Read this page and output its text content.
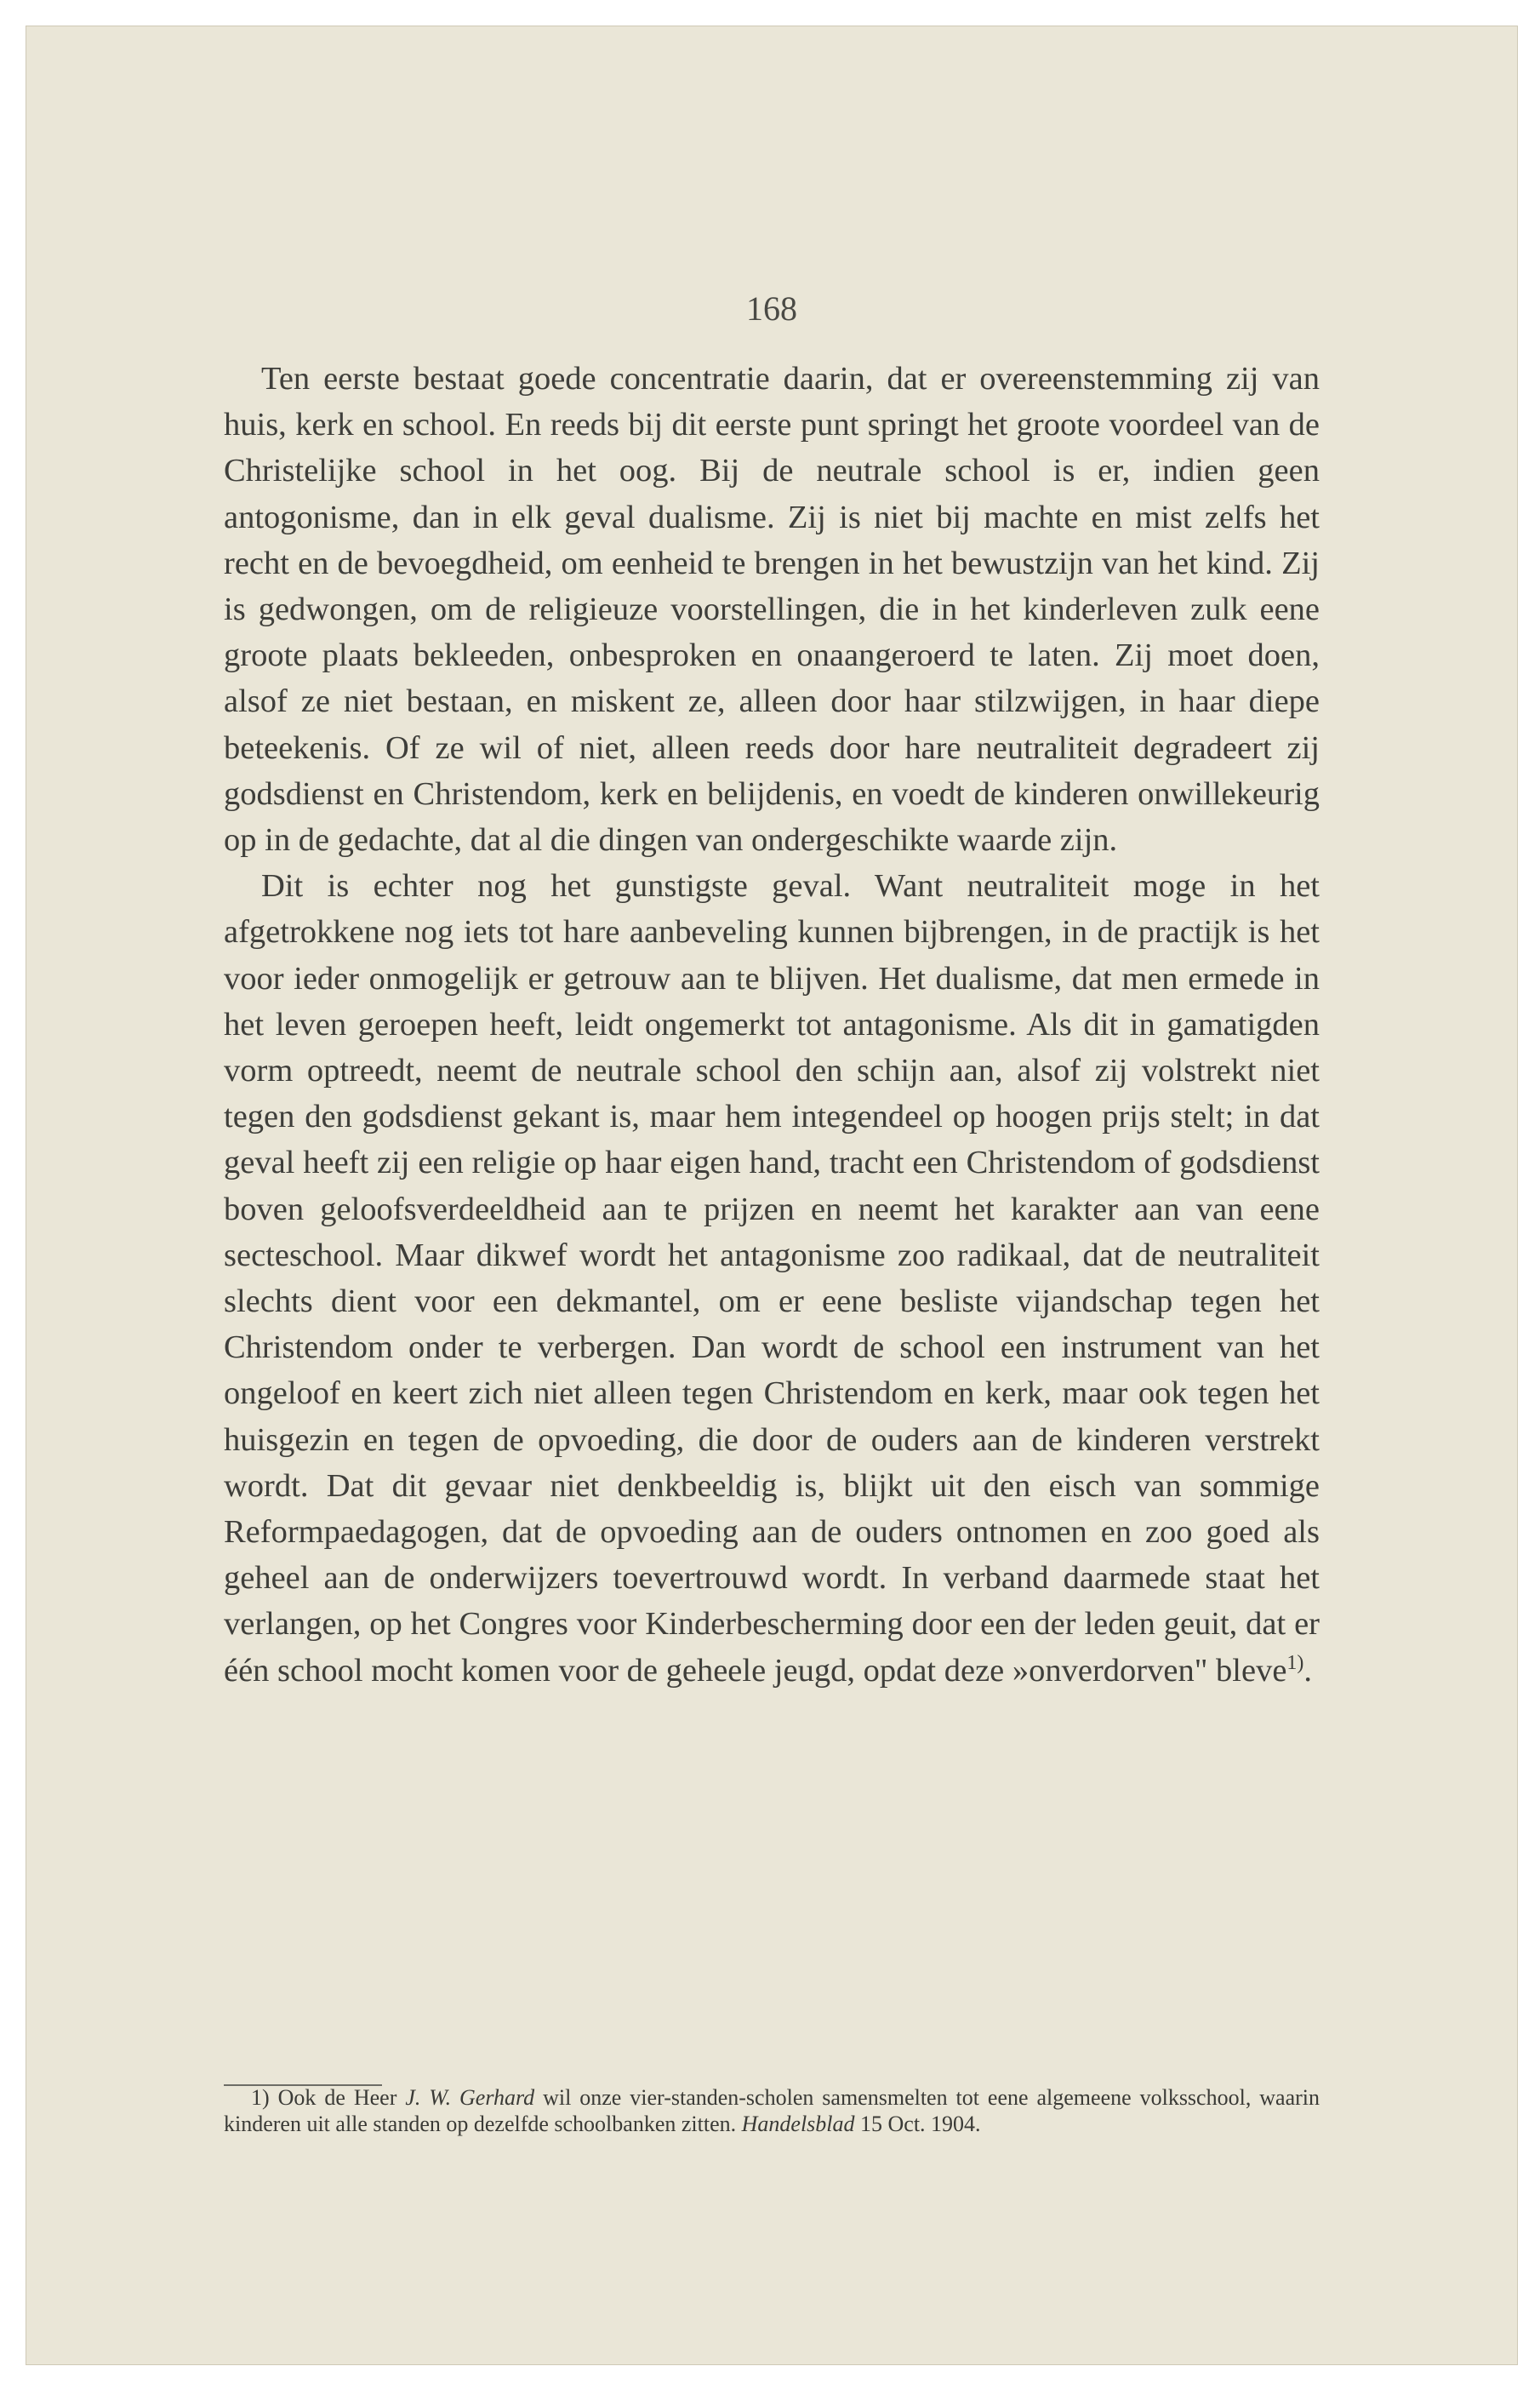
168

Ten eerste bestaat goede concentratie daarin, dat er overeenstemming zij van huis, kerk en school. En reeds bij dit eerste punt springt het groote voordeel van de Christelijke school in het oog. Bij de neutrale school is er, indien geen antogonisme, dan in elk geval dualisme. Zij is niet bij machte en mist zelfs het recht en de bevoegdheid, om eenheid te brengen in het bewustzijn van het kind. Zij is gedwongen, om de religieuze voorstellingen, die in het kinderleven zulk eene groote plaats bekleeden, onbesproken en onaangeroerd te laten. Zij moet doen, alsof ze niet bestaan, en miskent ze, alleen door haar stilzwijgen, in haar diepe beteekenis. Of ze wil of niet, alleen reeds door hare neutraliteit degradeert zij godsdienst en Christendom, kerk en belijdenis, en voedt de kinderen onwillekeurig op in de gedachte, dat al die dingen van ondergeschikte waarde zijn.

Dit is echter nog het gunstigste geval. Want neutraliteit moge in het afgetrokkene nog iets tot hare aanbeveling kunnen bijbrengen, in de practijk is het voor ieder onmogelijk er getrouw aan te blijven. Het dualisme, dat men ermede in het leven geroepen heeft, leidt ongemerkt tot antagonisme. Als dit in gamatigden vorm optreedt, neemt de neutrale school den schijn aan, alsof zij volstrekt niet tegen den godsdienst gekant is, maar hem integendeel op hoogen prijs stelt; in dat geval heeft zij een religie op haar eigen hand, tracht een Christendom of godsdienst boven geloofsverdeeldheid aan te prijzen en neemt het karakter aan van eene secteschool. Maar dikwef wordt het antagonisme zoo radikaal, dat de neutraliteit slechts dient voor een dekmantel, om er eene besliste vijandschap tegen het Christendom onder te verbergen. Dan wordt de school een instrument van het ongeloof en keert zich niet alleen tegen Christendom en kerk, maar ook tegen het huisgezin en tegen de opvoeding, die door de ouders aan de kinderen verstrekt wordt. Dat dit gevaar niet denkbeeldig is, blijkt uit den eisch van sommige Reformpaedagogen, dat de opvoeding aan de ouders ontnomen en zoo goed als geheel aan de onderwijzers toevertrouwd wordt. In verband daarmede staat het verlangen, op het Congres voor Kinderbescherming door een der leden geuit, dat er één school mocht komen voor de geheele jeugd, opdat deze »onverdorven" bleve$^{1)}$.

1) Ook de Heer J. W. Gerhard wil onze vier-standen-scholen samensmelten tot eene algemeene volksschool, waarin kinderen uit alle standen op dezelfde schoolbanken zitten. Handelsblad 15 Oct. 1904.
